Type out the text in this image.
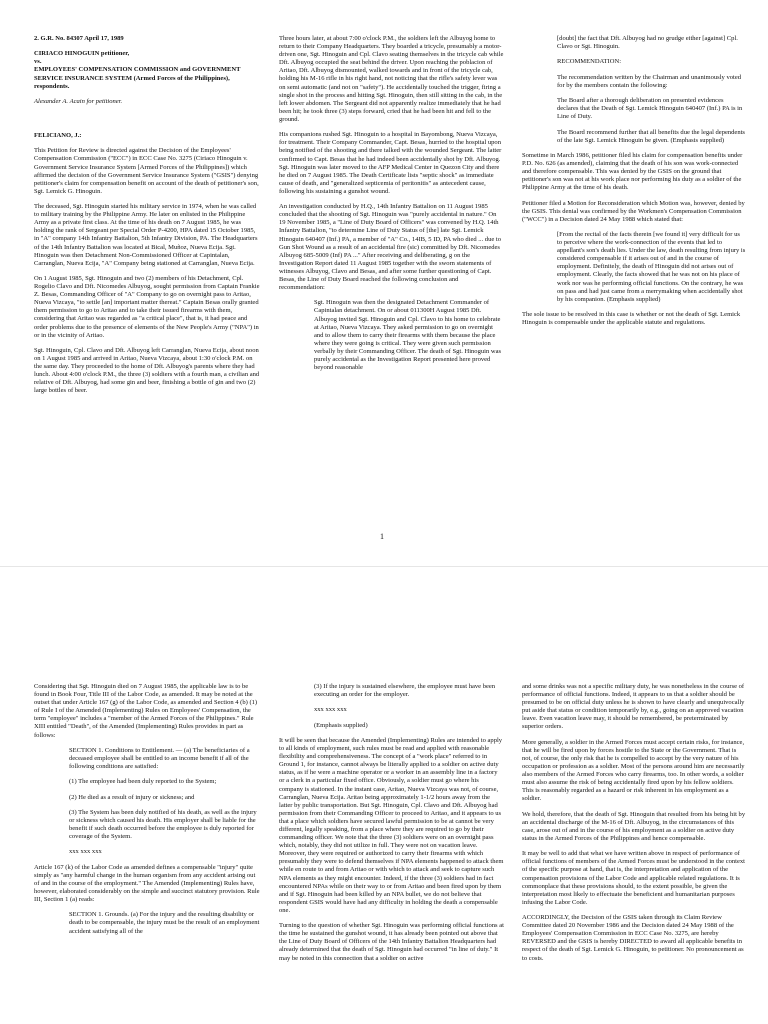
2. G.R. No. 84307 April 17, 1989

CIRIACO HINOGUIN petitioner,
vs.
EMPLOYEES' COMPENSATION COMMISSION and GOVERNMENT SERVICE INSURANCE SYSTEM (Armed Forces of the Philippines), respondents.

Alexander A. Acain for petitioner.

FELICIANO, J.:

This Petition for Review is directed against the Decision of the Employees' Compensation Commission ("ECC") in ECC Case No. 3275 (Ciriaco Hinoguin v. Government Service Insurance System [Armed Forces of the Philippines]) which affirmed the decision of the Government Service Insurance System ("GSIS") denying petitioner's claim for compensation benefit on account of the death of petitioner's son, Sgt. Lemick G. Hinoguin.

The deceased, Sgt. Hinoguin started his military service in 1974, when he was called to military training by the Philippine Army. He later on enlisted in the Philippine Army as a private first class. At the time of his death on 7 August 1985, he was holding the rank of Sergeant per Special Order P-4200, HPA dated 15 October 1985, in "A" company 14th Infantry Battalion, 5th Infantry Division, PA. The Headquarters of the 14th Infantry Battalion was located at Bical, Muñoz, Nueva Ecija. Sgt. Hinoguin was then Detachment Non-Commissioned Officer at Capintalan, Carranglan, Nueva Ecija, "A" Company being stationed at Carranglan, Nueva Ecija.

On 1 August 1985, Sgt. Hinoguin and two (2) members of his Detachment, Cpl. Rogelio Clavo and Dft. Nicomedes Albuyog, sought permission from Captain Frankie Z. Besas, Commanding Officer of "A" Company to go on overnight pass to Aritao, Nueva Vizcaya, "to settle [an] important matter thereat." Captain Besas orally granted them permission to go to Aritao and to take their issued firearms with them, considering that Aritao was regarded as "a critical place", that is, it had peace and order problems due to the presence of elements of the New People's Army ("NPA") in or in the vicinity of Aritao.

Sgt. Hinoguin, Cpl. Clavo and Dft. Albuyog left Carranglan, Nueva Ecija, about noon on 1 August 1985 and arrived in Aritao, Nueva Vizcaya, about 1:30 o'clock P.M. on the same day. They proceeded to the home of Dft. Albuyog's parents where they had lunch. About 4:00 o'clock P.M., the three (3) soldiers with a fourth man, a civilian and relative of Dft. Albuyog, had some gin and beer, finishing a bottle of gin and two (2) large bottles of beer.

Three hours later, at about 7:00 o'clock P.M., the soldiers left the Albuyog home to return to their Company Headquarters. They boarded a tricycle, presumably a motor-driven one, Sgt. Hinoguin and Cpl. Clavo seating themselves in the tricycle cab while Dft. Albuyog occupied the seat behind the driver. Upon reaching the poblacion of Aritao, Dft. Albuyog dismounted, walked towards and in front of the tricycle cab, holding his M-16 rifle in his right hand, not noticing that the rifle's safety lever was on semi automatic (and not on "safety"). He accidentally touched the trigger, firing a single shot in the process and hitting Sgt. Hinoguin, then still sitting in the cab, in the left lower abdomen. The Sergeant did not apparently realize immediately that he had been hit; he took three (3) steps forward, cried that he had been hit and fell to the ground.

His companions rushed Sgt. Hinoguin to a hospital in Bayombong, Nueva Vizcaya, for treatment. Their Company Commander, Capt. Besas, hurried to the hospital upon being notified of the shooting and there talked with the wounded Sergeant. The latter confirmed to Capt. Besas that he had indeed been accidentally shot by Dft. Albuyog. Sgt. Hinoguin was later moved to the AFP Medical Center in Quezon City and there he died on 7 August 1985. The Death Certificate lists "septic shock" as immediate cause of death, and "generalized septicemia of peritonitis" as antecedent cause, following his sustaining a gunshot wound.

An investigation conducted by H.Q., 14th Infantry Battalion on 11 August 1985 concluded that the shooting of Sgt. Hinoguin was "purely accidental in nature." On 19 November 1985, a "Line of Duty Board of Officers" was convened by H.Q. 14th Infantry Battalion, "to determine Line of Duty Status of [the] late Sgt. Lemick Hinoguin 640407 (Inf.) PA, a member of "A" Co., 14IB, 5 ID, PA who died ... due to Gun Shot Wound as a result of an accidental fire (sic) committed by Dft. Nicomedes Albuyog 685-5009 (Inf) PA ..." After receiving and deliberating, g on the Investigation Report dated 11 August 1985 together with the sworn statements of witnesses Albuyog, Clavo and Besas, and after some further questioning of Capt. Besas, the Line of Duty Board reached the following conclusion and recommendation:

Sgt. Hinoguin was then the designated Detachment Commander of Capintalan detachment. On or about 011300H August 1985 Dft. Albuyog invited Sgt. Hinoguin and Cpl. Clavo to his home to celebrate at Aritao, Nueva Vizcaya. They asked permission to go on overnight and to allow them to carry their firearms with them because the place where they were going is critical. They were given such permission verbally by their Commanding Officer. The death of Sgt. Hinoguin was purely accidental as the Investigation Report presented here proved beyond reasonable

[doubt] the fact that Dft. Albuyog had no grudge either [against] Cpl. Clavo or Sgt. Hinoguin.

RECOMMENDATION:

The recommendation written by the Chairman and unanimously voted for by the members contain the following:

The Board after a thorough deliberation on presented evidences declares that the Death of Sgt. Lemick Hinoguin 640407 (Inf.) PA is in Line of Duty.

The Board recommend further that all benefits due the legal dependents of the late Sgt. Lemick Hinoguin be given. (Emphasis supplied)

Sometime in March 1986, petitioner filed his claim for compensation benefits under P.D. No. 626 (as amended), claiming that the death of his son was work-connected and therefore compensable. This was denied by the GSIS on the ground that petitioner's son was not at his work place nor performing his duty as a soldier of the Philippine Army at the time of his death.

Petitioner filed a Motion for Reconsideration which Motion was, however, denied by the GSIS. This denial was confirmed by the Workmen's Compensation Commission ("WCC") in a Decision dated 24 May 1988 which stated that:

[From the recital of the facts therein [we found it] very difficult for us to perceive where the work-connection of the events that led to appellant's son's death lies. Under the law, death resulting from injury is considered compensable if it arises out of and in the course of employment. Definitely, the death of Hinoguin did not arises out of employment. Clearly, the facts showed that he was not on his place of work nor was he performing official functions. On the contrary, he was on pass and had just came from a merrymaking when accidentally shot by his companion. (Emphasis supplied)

The sole issue to be resolved in this case is whether or not the death of Sgt. Lemick Hinoguin is compensable under the applicable statute and regulations.

1

Considering that Sgt. Hinoguin died on 7 August 1985, the applicable law is to be found in Book Four, Title III of the Labor Code, as amended. It may be noted at the outset that under Article 167 (g) of the Labor Code, as amended and Section 4 (b) (1) of Rule I of the Amended (Implementing) Rules on Employees' Compensation, the term "employee" includes a "member of the Armed Forces of the Philippines." Rule XIII entitled "Death", of the Amended (Implementing) Rules provides in part as follows:

SECTION 1. Conditions to Entitlement. — (a) The beneficiaries of a deceased employee shall be entitled to an income benefit if all of the following conditions are satisfied:

(1) The employee had been duly reported to the System;

(2) He died as a result of injury or sickness; and

(3) The System has been duly notified of his death, as well as the injury or sickness which caused his death. His employer shall be liable for the benefit if such death occurred before the employee is duly reported for coverage of the System.

xxx xxx xxx

Article 167 (k) of the Labor Code as amended defines a compensable "injury" quite simply as "any harmful change in the human organism from any accident arising out of and in the course of the employment." The Amended (Implementing) Rules have, however, elaborated considerably on the simple and succinct statutory provision. Rule III, Section 1 (a) reads:

SECTION 1. Grounds. (a) For the injury and the resulting disability or death to be compensable, the injury must be the result of an employment accident satisfying all of the

(3) If the injury is sustained elsewhere, the employee must have been executing an order for the employer.

xxx xxx xxx

(Emphasis supplied)

It will be seen that because the Amended (Implementing) Rules are intended to apply to all kinds of employment, such rules must be read and applied with reasonable flexibility and comprehensiveness. The concept of a "work place" referred to in Ground 1, for instance, cannot always be literally applied to a soldier on active duty status, as if he were a machine operator or a worker in an assembly line in a factory or a clerk in a particular fixed office. Obviously, a soldier must go where his company is stationed. In the instant case, Aritao, Nueva Vizcaya was not, of course, Carranglan, Nueva Ecija. Aritao being approximately 1-1/2 hours away from the latter by public transportation. But Sgt. Hinoguin, Cpl. Clavo and Dft. Albuyog had permission from their Commanding Officer to proceed to Aritao, and it appears to us that a place which soldiers have secured lawful permission to be at cannot be very different, legally speaking, from a place where they are required to go by their commanding officer. We note that the three (3) soldiers were on an overnight pass which, notably, they did not utilize in full. They were not on vacation leave. Moreover, they were required or authorized to carry their firearms with which presumably they were to defend themselves if NPA elements happened to attack them while en route to and from Aritao or with which to attack and seek to capture such NPA elements as they might encounter. Indeed, if the three (3) soldiers had in fact encountered NPAs while on their way to or from Aritao and been fired upon by them and if Sgt. Hinoguin had been killed by an NPA bullet, we do not believe that respondent GSIS would have had any difficulty in holding the death a compensable one.

Turning to the question of whether Sgt. Hinoguin was performing official functions at the time he sustained the gunshot wound, it has already been pointed out above that the Line of Duty Board of Officers of the 14th Infantry Battalion Headquarters had already determined that the death of Sgt. Hinoguin had occurred "in line of duty." It may be noted in this connection that a soldier on active

and some drinks was not a specific military duty, he was nonetheless in the course of performance of official functions. Indeed, it appears to us that a soldier should be presumed to be on official duty unless he is shown to have clearly and unequivocally put aside that status or condition temporarily by, e.g., going on an approved vacation leave. Even vacation leave may, it should be remembered, be preterminated by superior orders.

More generally, a soldier in the Armed Forces must accept certain risks, for instance, that he will be fired upon by forces hostile to the State or the Government. That is not, of course, the only risk that he is compelled to accept by the very nature of his occupation or profession as a soldier. Most of the persons around him are necessarily also members of the Armed Forces who carry firearms, too. In other words, a soldier must also assume the risk of being accidentally fired upon by his fellow soldiers. This is reasonably regarded as a hazard or risk inherent in his employment as a soldier.

We hold, therefore, that the death of Sgt. Hinoguin that resulted from his being hit by an accidental discharge of the M-16 of Dft. Albuyog, in the circumstances of this case, arose out of and in the course of his employment as a soldier on active duty status in the Armed Forces of the Philippines and hence compensable.

It may be well to add that what we have written above in respect of performance of official functions of members of the Armed Forces must be understood in the context of the specific purpose at hand, that is, the interpretation and application of the compensation provisions of the Labor Code and applicable related regulations. It is commonplace that these provisions should, to the extent possible, be given the interpretation most likely to effectuate the beneficient and humanitarian purposes infusing the Labor Code.

ACCORDINGLY, the Decision of the GSIS taken through its Claim Review Committee dated 20 November 1986 and the Decision dated 24 May 1988 of the Employees' Compensation Commission in ECC Case No. 3275, are hereby REVERSED and the GSIS is hereby DIRECTED to award all applicable benefits in respect of the death of Sgt. Lemick G. Hinoguin, to petitioner. No pronouncement as to costs.
